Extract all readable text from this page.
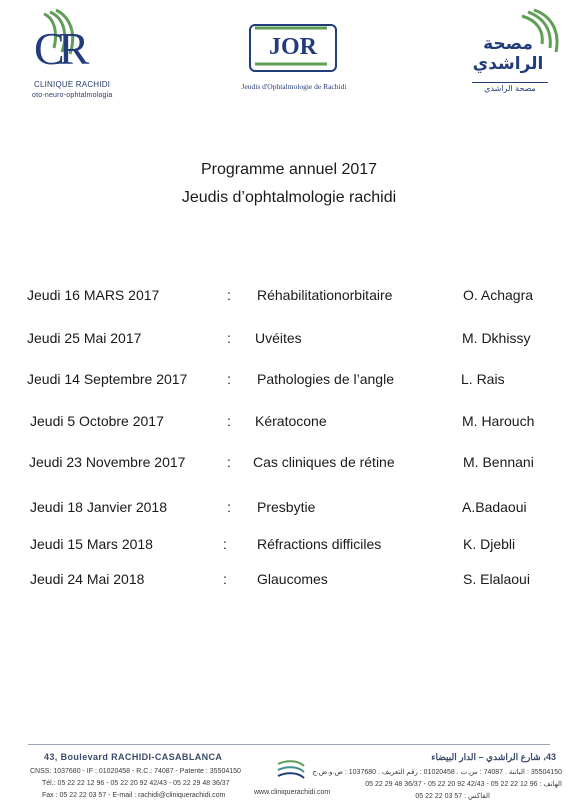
CR
CLINIQUE RACHIDI
oto-neuro-ophtalmologia
JOR
Jeudis d'Ophtalmologie de Rachidi
مصحة الراشدي
مصحة الراشدي
Programme annuel 2017
Jeudis d’ophtalmologie rachidi
Jeudi 16 MARS 2017	: Réhabilitationorbitaire	O. Achagra
Jeudi 25 Mai 2017	: Uvéites	M. Dkhissy
Jeudi 14 Septembre 2017	: Pathologies de l’angle	L. Rais
Jeudi 5 Octobre 2017	: Kératocone	M. Harouch
Jeudi 23 Novembre 2017	: Cas cliniques de rétine	M. Bennani
Jeudi 18 Janvier 2018	: Presbytie	A.Badaoui
Jeudi 15 Mars 2018	: Réfractions difficiles	K. Djebli
Jeudi 24 Mai 2018	: Glaucomes	S. Elalaoui
43, Boulevard RACHIDI-CASABLANCA
CNSS: 1037680 - IF : 01020458 - R.C.: 74087 - Patente : 35504150
Tél.: 05 22 22 12 96 - 05 22 20 92 42/43 - 05 22 29 48 36/37
Fax : 05 22 22 03 57 - E-mail : rachidi@cliniquerachidi.com	www.cliniquerachidi.com
43، شارع الراشدي – الدار البيضاء
35504150 : الباتنة . 74087 : س.ت . 01020458 : رقم التعريف . 1037680 : ص.و.ض.ج
الهاتف : 96 12 22 22 05 - 42/43 92 20 22 05 - 36/37 48 29 22 05
الفاكس : 57 03 22 22 05
